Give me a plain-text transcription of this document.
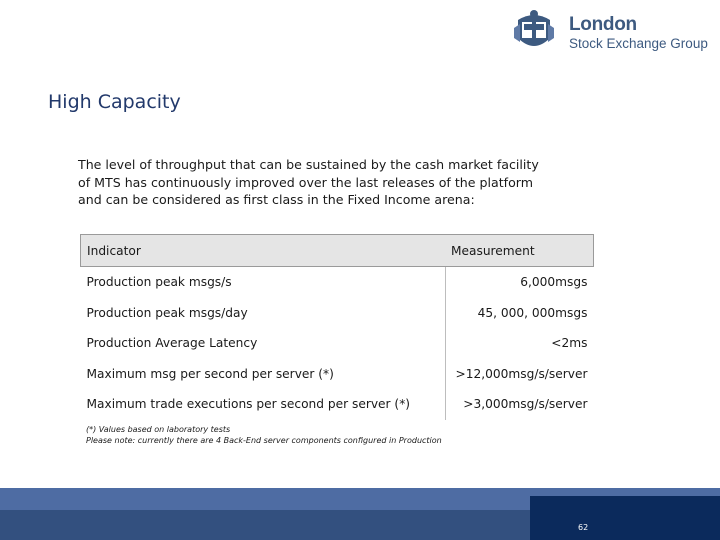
London
Stock Exchange Group
High Capacity
The level of throughput that can be sustained by the cash market facility
of MTS has continuously improved over the last releases of the platform
and can be considered as first class in the Fixed Income arena:
Indicator	Measurement
Production peak msgs/s	6,000msgs
Production peak msgs/day	45, 000, 000msgs
Production Average Latency	<2ms
Maximum msg per second per server (*)	>12,000msg/s/server
Maximum trade executions per second per server (*)	>3,000msg/s/server
(*) Values based on laboratory tests
Please note: currently there are 4 Back-End server components configured in Production
62
